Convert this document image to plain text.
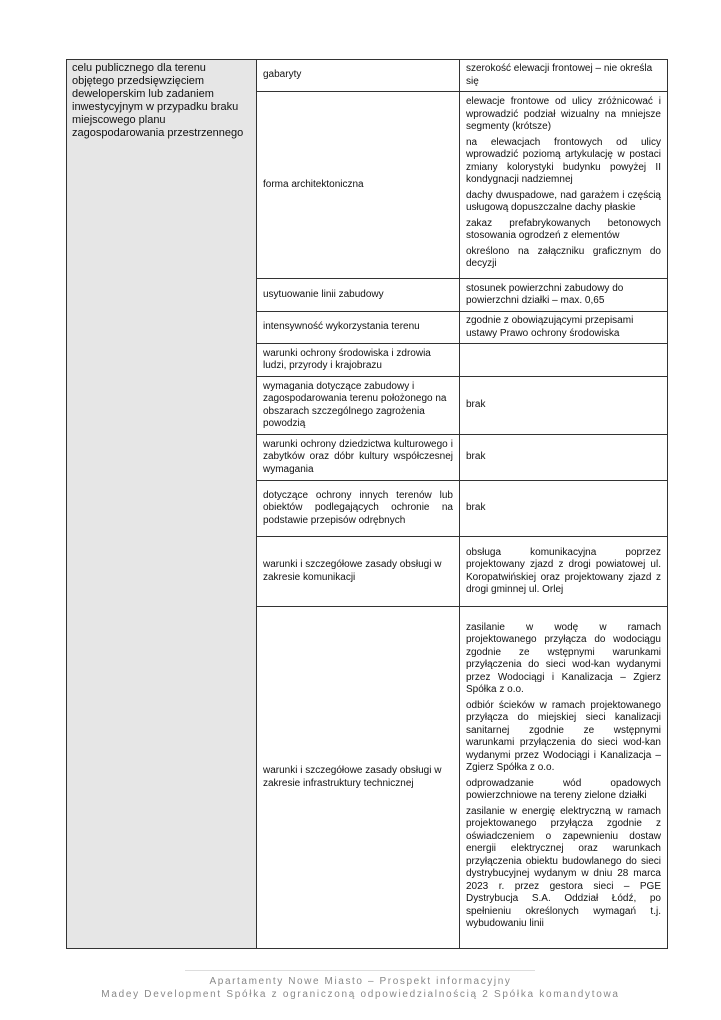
celu publicznego dla terenu objętego przedsięwzięciem deweloperskim lub zadaniem inwestycyjnym w przypadku braku miejscowego planu zagospodarowania przestrzennego	gabaryty	szerokość elewacji frontowej – nie określa się
	forma architektoniczna	elewacje frontowe od ulicy zróżnicować i wprowadzić podział wizualny na mniejsze segmenty (krótsze)
na elewacjach frontowych od ulicy wprowadzić poziomą artykulację w postaci zmiany kolorystyki budynku powyżej II kondygnacji nadziemnej
dachy dwuspadowe, nad garażem i częścią usługową dopuszczalne dachy płaskie
zakaz prefabrykowanych betonowych stosowania ogrodzeń z elementów
określono na załączniku graficznym do decyzji

	usytuowanie linii zabudowy	stosunek powierzchni zabudowy do powierzchni działki – max. 0,65
	intensywność wykorzystania terenu	zgodnie z obowiązującymi przepisami ustawy Prawo ochrony środowiska
	warunki ochrony środowiska i zdrowia ludzi, przyrody i krajobrazu	
	wymagania dotyczące zabudowy i zagospodarowania terenu położonego na obszarach szczególnego zagrożenia powodzią	brak
	warunki ochrony dziedzictwa kulturowego i zabytków oraz dóbr kultury współczesnej wymagania	brak
	dotyczące ochrony innych terenów lub obiektów podlegających ochronie na podstawie przepisów odrębnych	brak
	warunki i szczegółowe zasady obsługi w zakresie komunikacji	obsługa komunikacyjna poprzez projektowany zjazd z drogi powiatowej ul. Koropatwińskiej oraz projektowany zjazd z drogi gminnej ul. Orlej
	warunki i szczegółowe zasady obsługi w zakresie infrastruktury technicznej	zasilanie w wodę w ramach projektowanego przyłącza do wodociągu zgodnie ze wstępnymi warunkami przyłączenia do sieci wod-kan wydanymi przez Wodociągi i Kanalizacja – Zgierz Spółka z o.o.
odbiór ścieków w ramach projektowanego przyłącza do miejskiej sieci kanalizacji sanitarnej zgodnie ze wstępnymi warunkami przyłączenia do sieci wod-kan wydanymi przez Wodociągi i Kanalizacja – Zgierz Spółka z o.o.
odprowadzanie wód opadowych powierzchniowe na tereny zielone działki
zasilanie w energię elektryczną w ramach projektowanego przyłącza zgodnie z oświadczeniem o zapewnieniu dostaw energii elektrycznej oraz warunkach przyłączenia obiektu budowlanego do sieci dystrybucyjnej wydanym w dniu 28 marca 2023 r. przez gestora sieci – PGE Dystrybucja S.A. Oddział Łódź, po spełnieniu określonych wymagań t.j. wybudowaniu linii
Apartamenty Nowe Miasto – Prospekt informacyjny
Madey Development Spółka z ograniczoną odpowiedzialnością 2 Spółka komandytowa
